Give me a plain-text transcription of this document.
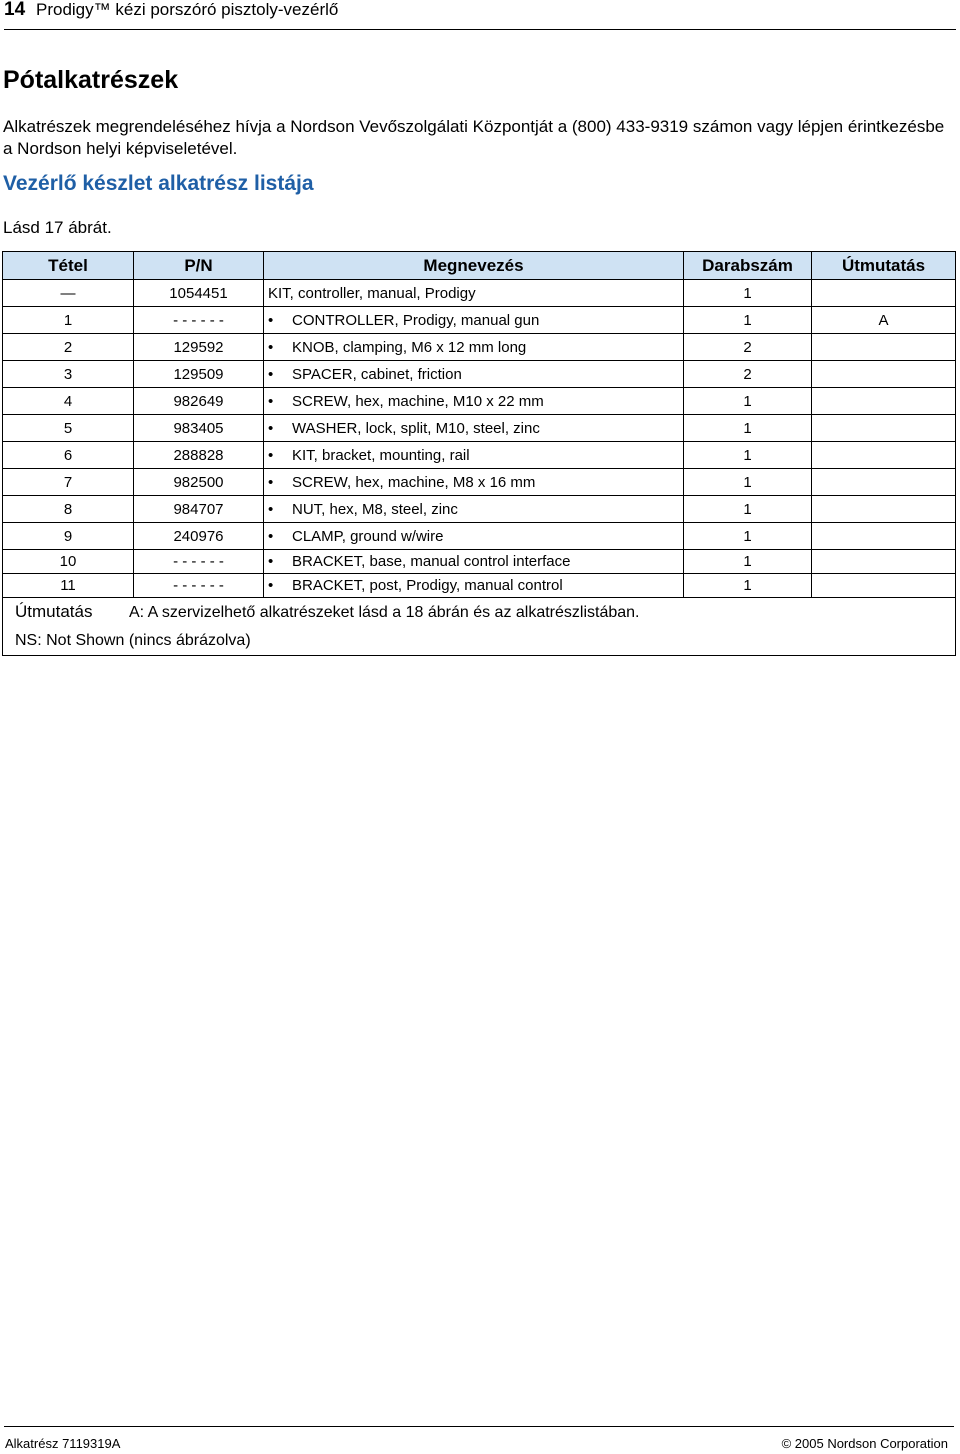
14 Prodigy™ kézi porszóró pisztoly-vezérlő
Pótalkatrészek

Alkatrészek megrendeléséhez hívja a Nordson Vevőszolgálati Központját a (800) 433-9319 számon vagy lépjen érintkezésbe a Nordson helyi képviseletével.

Vezérlő készlet alkatrész listája

Lásd 17 ábrát.

Tétel	P/N	Megnevezés	Darabszám	Útmutatás
—	1054451	KIT, controller, manual, Prodigy	1	
1	- - - - - -	• CONTROLLER, Prodigy, manual gun	1	A
2	129592	• KNOB, clamping, M6 x 12 mm long	2	
3	129509	• SPACER, cabinet, friction	2	
4	982649	• SCREW, hex, machine, M10 x 22 mm	1	
5	983405	• WASHER, lock, split, M10, steel, zinc	1	
6	288828	• KIT, bracket, mounting, rail	1	
7	982500	• SCREW, hex, machine, M8 x 16 mm	1	
8	984707	• NUT, hex, M8, steel, zinc	1	
9	240976	• CLAMP, ground w/wire	1	
10	- - - - - -	• BRACKET, base, manual control interface	1	
11	- - - - - -	• BRACKET, post, Prodigy, manual control	1	

Útmutatás A: A szervizelhető alkatrészeket lásd a 18 ábrán és az alkatrészlistában.
NS: Not Shown (nincs ábrázolva)				
Alkatrész 7119319A	© 2005 Nordson Corporation
